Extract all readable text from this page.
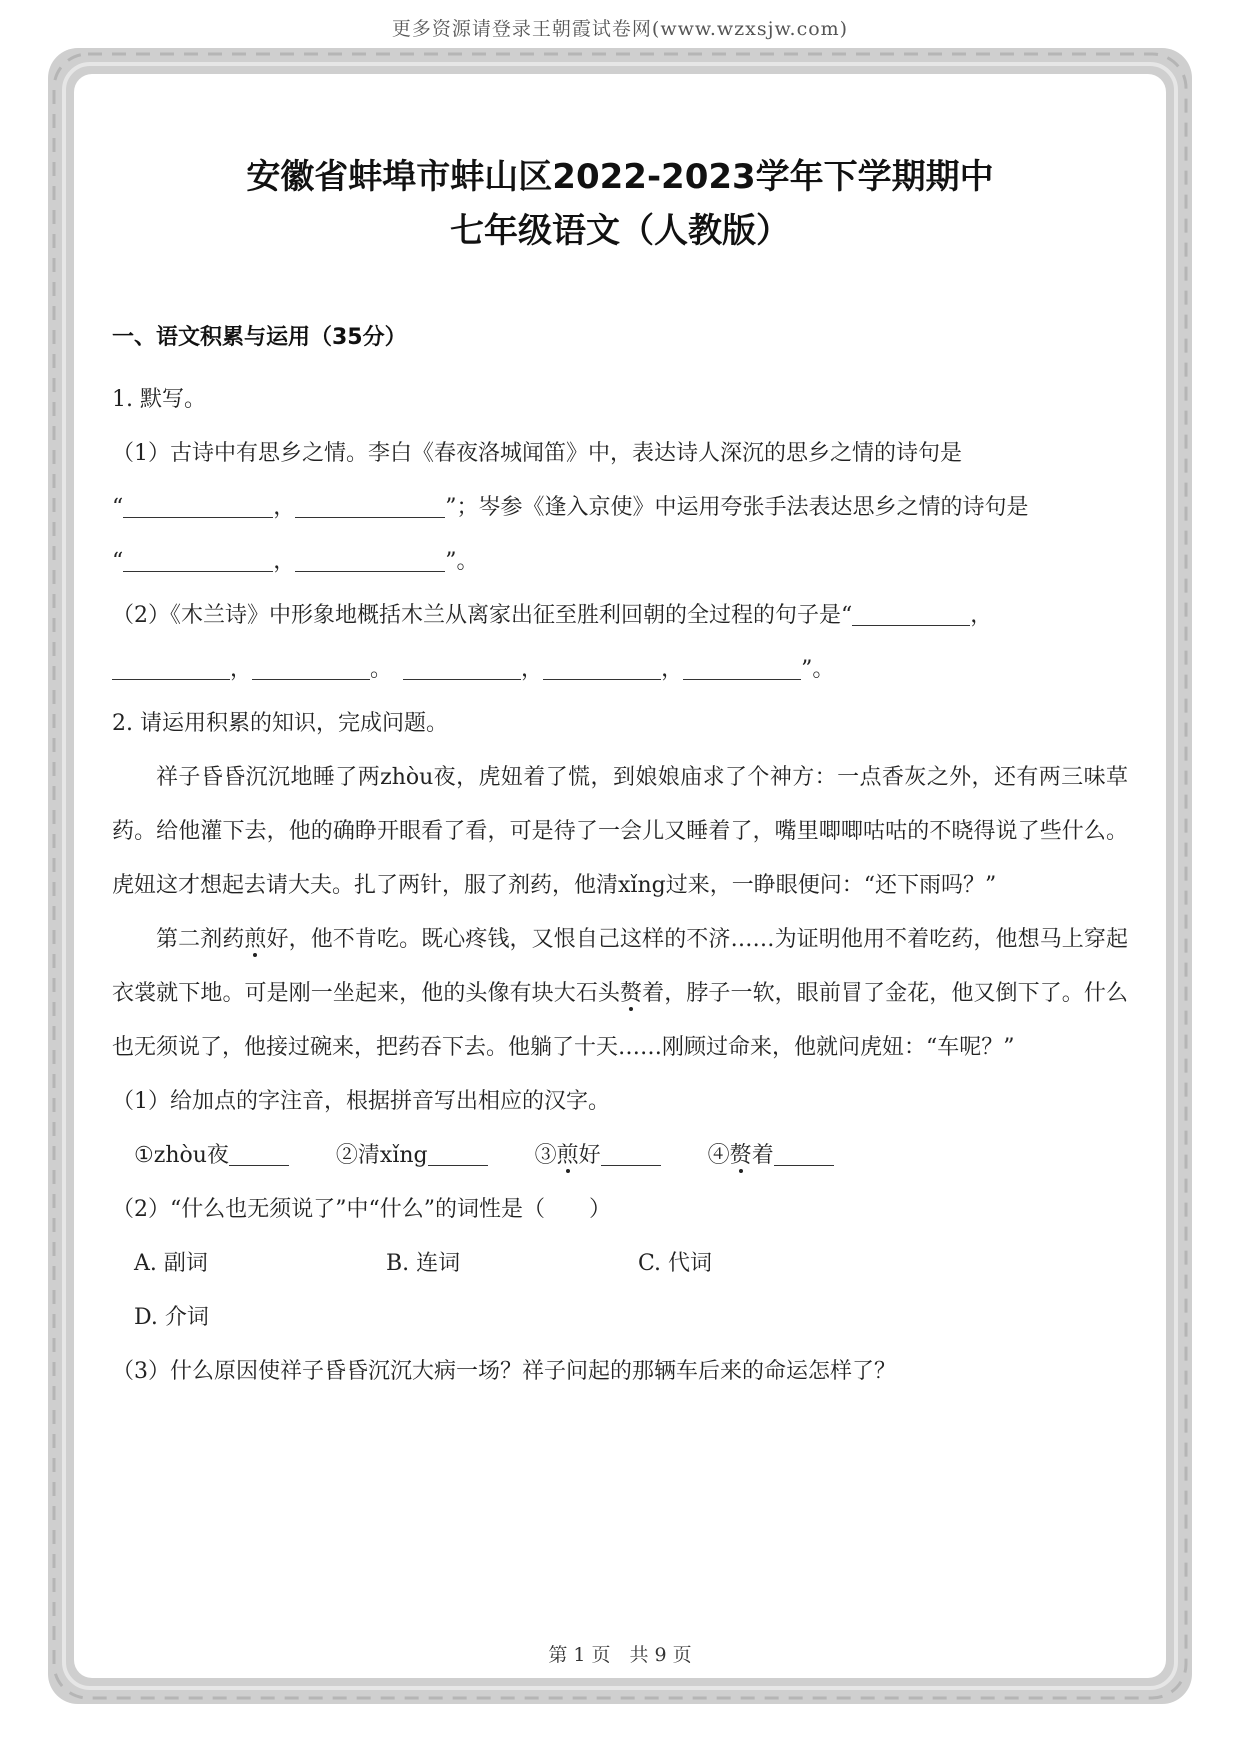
更多资源请登录王朝霞试卷网(www.wzxsjw.com)
安徽省蚌埠市蚌山区2022-2023学年下学期期中
七年级语文（人教版）
一、语文积累与运用（35分）
1. 默写。
（1）古诗中有思乡之情。李白《春夜洛城闻笛》中，表达诗人深沉的思乡之情的诗句是
“	，	”；岑参《逢入京使》中运用夸张手法表达思乡之情的诗句是
“	，	”。
（2）《木兰诗》中形象地概括木兰从离家出征至胜利回朝的全过程的句子是“	，
，	。　	，	，	”。
2. 请运用积累的知识，完成问题。
祥子昏昏沉沉地睡了两zhòu夜，虎妞着了慌，到娘娘庙求了个神方：一点香灰之外，还有两三味草药。给他灌下去，他的确睁开眼看了看，可是待了一会儿又睡着了，嘴里唧唧咕咕的不晓得说了些什么。虎妞这才想起去请大夫。扎了两针，服了剂药，他清xǐng过来，一睁眼便问：“还下雨吗？”
第二剂药煎好，他不肯吃。既心疼钱，又恨自己这样的不济……为证明他用不着吃药，他想马上穿起衣裳就下地。可是刚一坐起来，他的头像有块大石头赘着，脖子一软，眼前冒了金花，他又倒下了。什么也无须说了，他接过碗来，把药吞下去。他躺了十天……刚顾过命来，他就问虎妞：“车呢？”
（1）给加点的字注音，根据拼音写出相应的汉字。
①zhòu夜	②清xǐng	③煎好	④赘着
（2）“什么也无须说了”中“什么”的词性是（　　）
A. 副词	B. 连词	C. 代词D. 介词
（3）什么原因使祥子昏昏沉沉大病一场？祥子问起的那辆车后来的命运怎样了？
第 1 页　共 9 页
